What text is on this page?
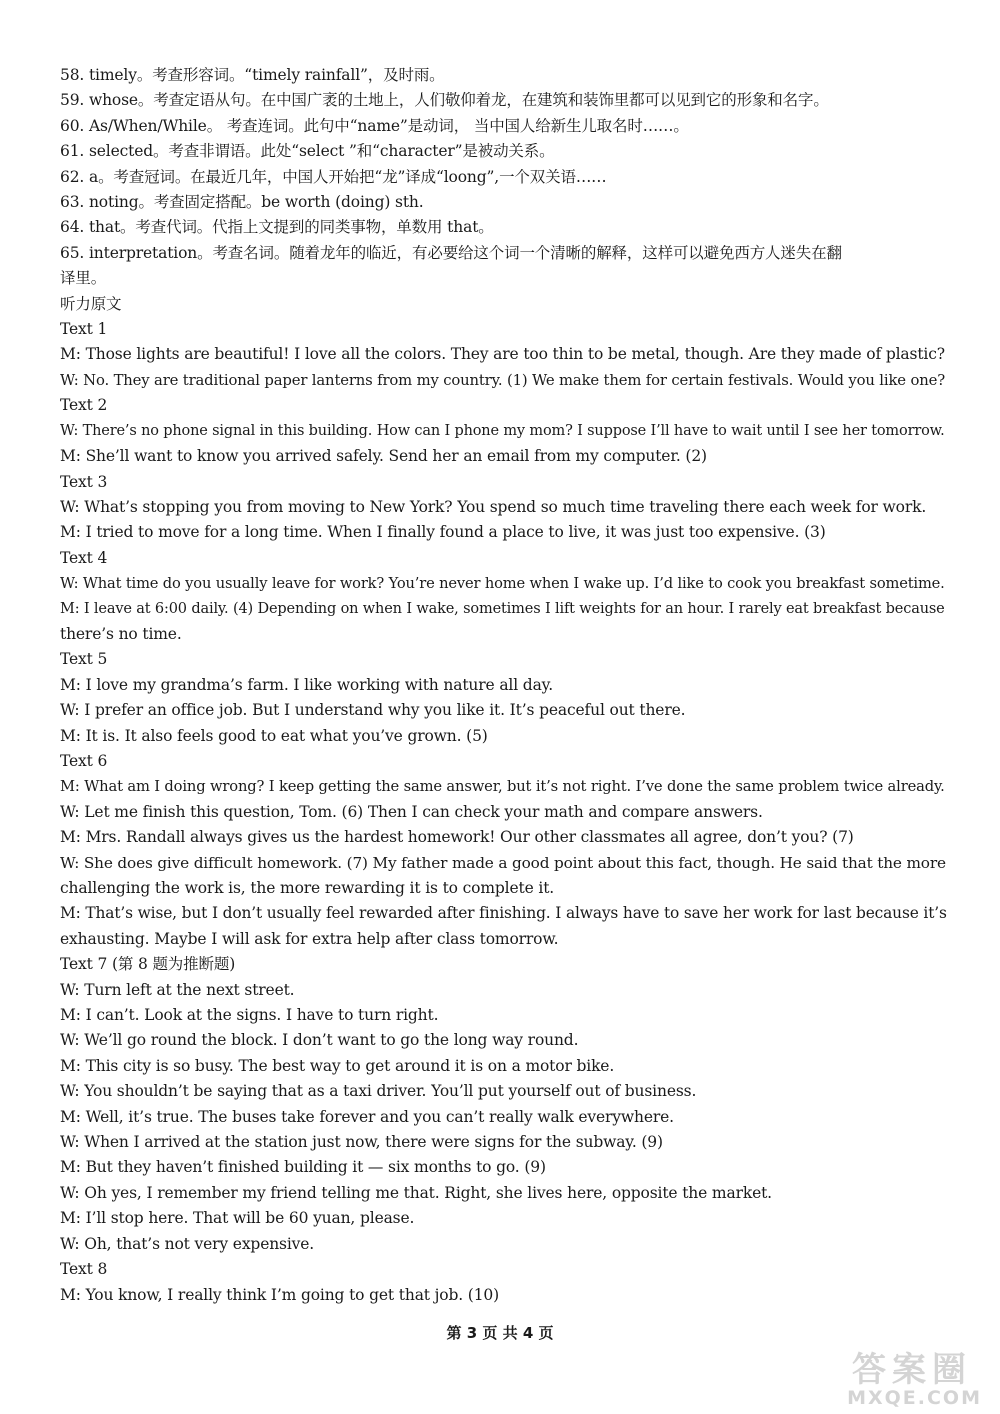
58. timely。考查形容词。“timely rainfall”，及时雨。
59. whose。考查定语从句。在中国广袤的土地上，人们敬仰着龙，在建筑和装饰里都可以见到它的形象和名字。
60. As/When/While。 考查连词。此句中“name”是动词， 当中国人给新生儿取名时……。
61. selected。考查非谓语。此处“select ”和“character”是被动关系。
62. a。考查冠词。在最近几年，中国人开始把“龙”译成“loong”,一个双关语……
63. noting。考查固定搭配。be worth (doing) sth.
64. that。考查代词。代指上文提到的同类事物，单数用 that。
65. interpretation。考查名词。随着龙年的临近，有必要给这个词一个清晰的解释，这样可以避免西方人迷失在翻
译里。
听力原文
Text 1
M: Those lights are beautiful! I love all the colors. They are too thin to be metal, though. Are they made of plastic?
W: No. They are traditional paper lanterns from my country. (1) We make them for certain festivals. Would you like one?
Text 2
W: There’s no phone signal in this building. How can I phone my mom? I suppose I’ll have to wait until I see her tomorrow.
M: She’ll want to know you arrived safely. Send her an email from my computer. (2)
Text 3
W: What’s stopping you from moving to New York? You spend so much time traveling there each week for work.
M: I tried to move for a long time. When I finally found a place to live, it was just too expensive. (3)
Text 4
W: What time do you usually leave for work? You’re never home when I wake up. I’d like to cook you breakfast sometime.
M: I leave at 6:00 daily. (4) Depending on when I wake, sometimes I lift weights for an hour. I rarely eat breakfast because
there’s no time.
Text 5
M: I love my grandma’s farm. I like working with nature all day.
W: I prefer an office job. But I understand why you like it. It’s peaceful out there.
M: It is. It also feels good to eat what you’ve grown. (5)
Text 6
M: What am I doing wrong? I keep getting the same answer, but it’s not right. I’ve done the same problem twice already.
W: Let me finish this question, Tom. (6) Then I can check your math and compare answers.
M: Mrs. Randall always gives us the hardest homework! Our other classmates all agree, don’t you? (7)
W: She does give difficult homework. (7) My father made a good point about this fact, though. He said that the more
challenging the work is, the more rewarding it is to complete it.
M: That’s wise, but I don’t usually feel rewarded after finishing. I always have to save her work for last because it’s
exhausting. Maybe I will ask for extra help after class tomorrow.
Text 7 (第 8 题为推断题)
W: Turn left at the next street.
M: I can’t. Look at the signs. I have to turn right.
W: We’ll go round the block. I don’t want to go the long way round.
M: This city is so busy. The best way to get around it is on a motor bike.
W: You shouldn’t be saying that as a taxi driver. You’ll put yourself out of business.
M: Well, it’s true. The buses take forever and you can’t really walk everywhere.
W: When I arrived at the station just now, there were signs for the subway. (9)
M: But they haven’t finished building it — six months to go. (9)
W: Oh yes, I remember my friend telling me that. Right, she lives here, opposite the market.
M: I’ll stop here. That will be 60 yuan, please.
W: Oh, that’s not very expensive.
Text 8
M: You know, I really think I’m going to get that job. (10)
第 3 页 共 4 页
答案圈
MXQE.COM
